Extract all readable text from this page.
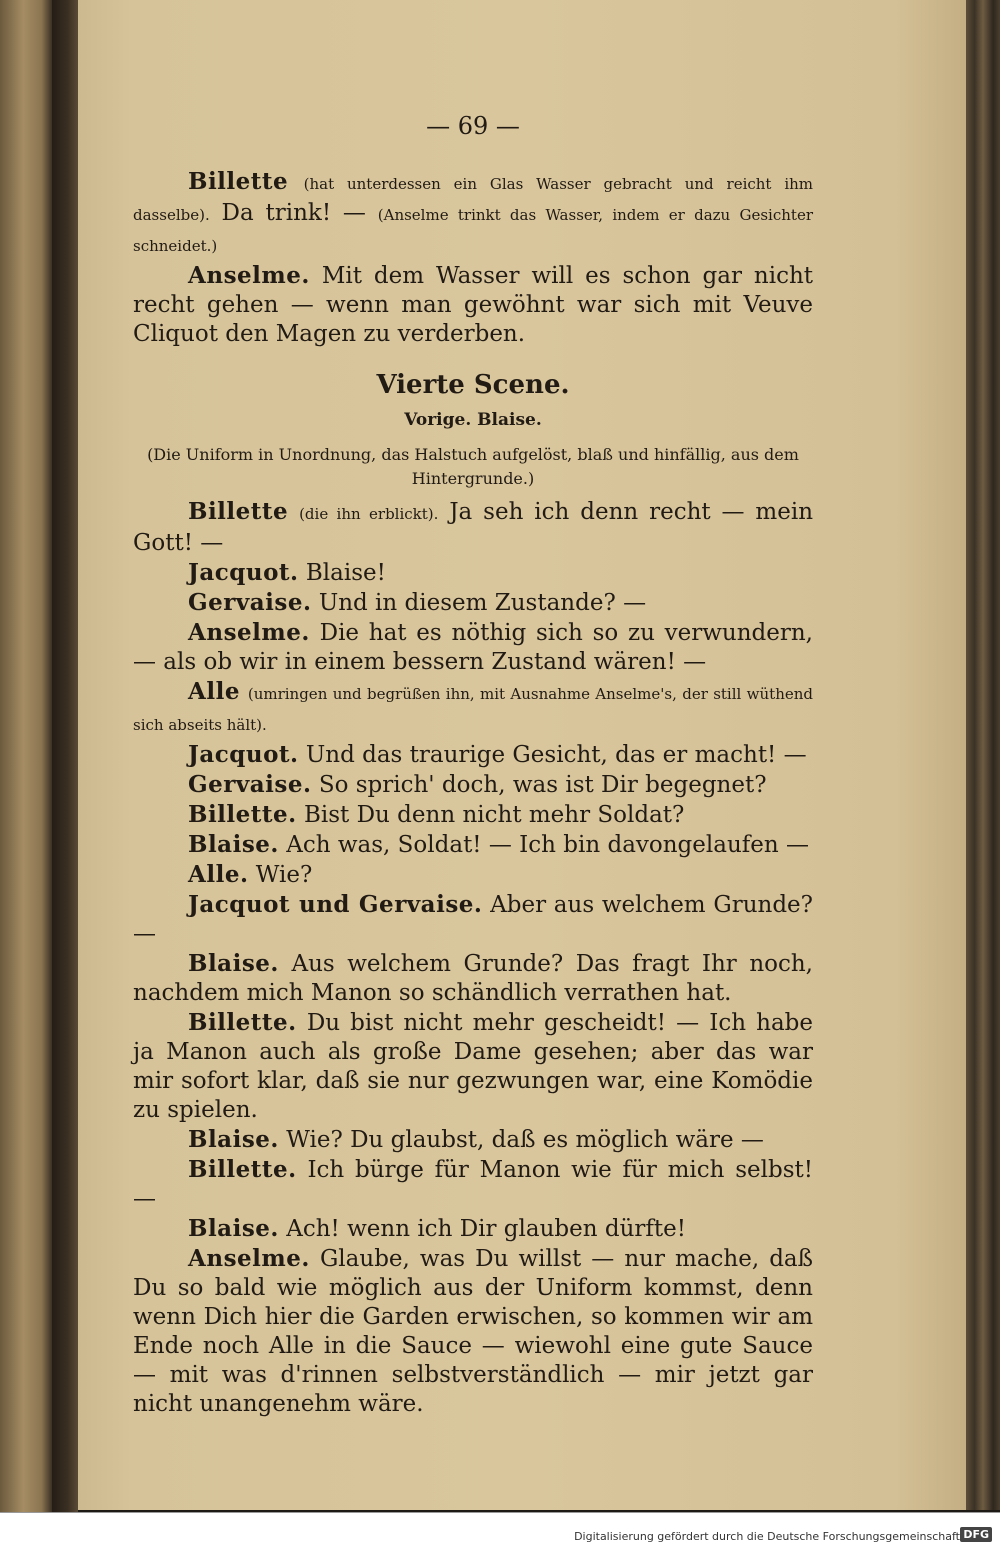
— 69 —

Billette (hat unterdessen ein Glas Wasser gebracht und reicht ihm dasselbe). Da trink! — (Anselme trinkt das Wasser, indem er dazu Gesichter schneidet.)

Anselme. Mit dem Wasser will es schon gar nicht recht gehen — wenn man gewöhnt war sich mit Veuve Cliquot den Magen zu verderben.

Vierte Scene.
Vorige. Blaise.
(Die Uniform in Unordnung, das Halstuch aufgelöst, blaß und hinfällig, aus dem Hintergrunde.)

Billette (die ihn erblickt). Ja seh ich denn recht — mein Gott! —

Jacquot. Blaise!

Gervaise. Und in diesem Zustande? —

Anselme. Die hat es nöthig sich so zu verwundern, — als ob wir in einem bessern Zustand wären! —

Alle (umringen und begrüßen ihn, mit Ausnahme Anselme's, der still wüthend sich abseits hält).

Jacquot. Und das traurige Gesicht, das er macht! —

Gervaise. So sprich' doch, was ist Dir begegnet?

Billette. Bist Du denn nicht mehr Soldat?

Blaise. Ach was, Soldat! — Ich bin davongelaufen —

Alle. Wie?

Jacquot und Gervaise. Aber aus welchem Grunde? —

Blaise. Aus welchem Grunde? Das fragt Ihr noch, nachdem mich Manon so schändlich verrathen hat.

Billette. Du bist nicht mehr gescheidt! — Ich habe ja Manon auch als große Dame gesehen; aber das war mir sofort klar, daß sie nur gezwungen war, eine Komödie zu spielen.

Blaise. Wie? Du glaubst, daß es möglich wäre —

Billette. Ich bürge für Manon wie für mich selbst! —

Blaise. Ach! wenn ich Dir glauben dürfte!

Anselme. Glaube, was Du willst — nur mache, daß Du so bald wie möglich aus der Uniform kommst, denn wenn Dich hier die Garden erwischen, so kommen wir am Ende noch Alle in die Sauce — wiewohl eine gute Sauce — mit was d'rinnen selbstverständlich — mir jetzt gar nicht unangenehm wäre.

Digitalisierung gefördert durch die Deutsche Forschungsgemeinschaft DFG
